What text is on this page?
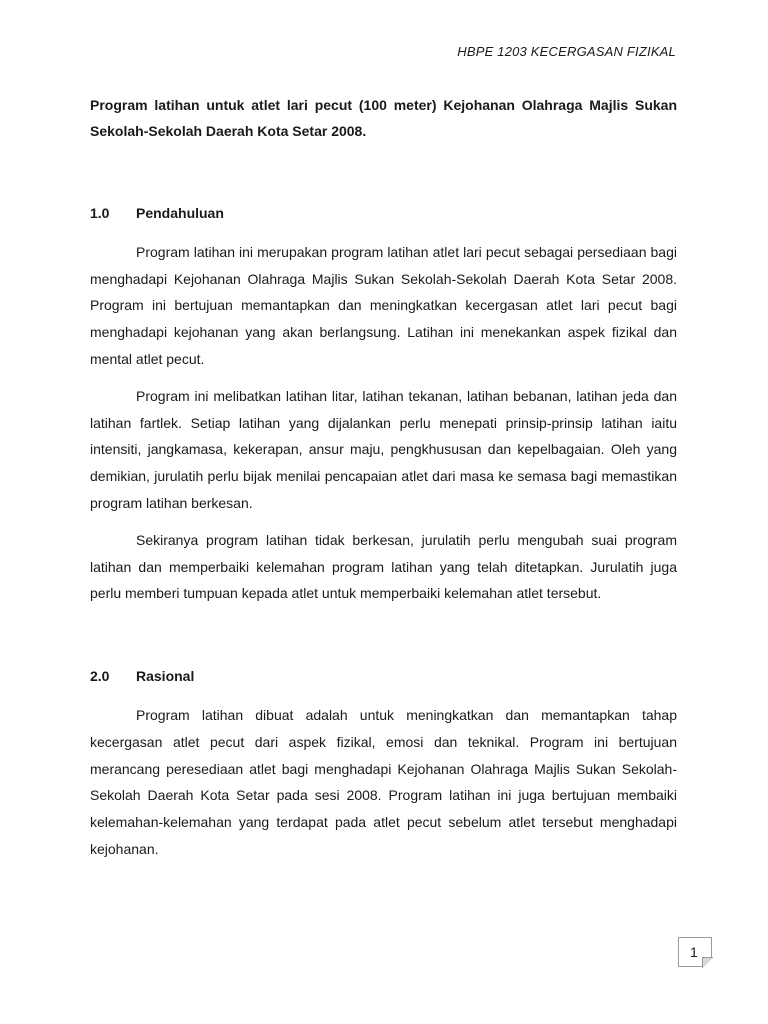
HBPE 1203 KECERGASAN FIZIKAL

Program latihan untuk atlet lari pecut (100 meter) Kejohanan Olahraga Majlis Sukan Sekolah-Sekolah Daerah Kota Setar 2008.

1.0	Pendahuluan

Program latihan ini merupakan program latihan atlet lari pecut sebagai persediaan bagi menghadapi Kejohanan Olahraga Majlis Sukan Sekolah-Sekolah Daerah Kota Setar 2008. Program ini bertujuan memantapkan dan meningkatkan kecergasan atlet lari pecut bagi menghadapi kejohanan yang akan berlangsung. Latihan ini menekankan aspek fizikal dan mental atlet pecut.

Program ini melibatkan latihan litar, latihan tekanan, latihan bebanan, latihan jeda dan latihan fartlek. Setiap latihan yang dijalankan perlu menepati prinsip-prinsip latihan iaitu intensiti, jangkamasa, kekerapan, ansur maju, pengkhususan dan kepelbagaian. Oleh yang demikian, jurulatih perlu bijak menilai pencapaian atlet dari masa ke semasa bagi memastikan program latihan berkesan.

Sekiranya program latihan tidak berkesan, jurulatih perlu mengubah suai program latihan dan memperbaiki kelemahan program latihan yang telah ditetapkan. Jurulatih juga perlu memberi tumpuan kepada atlet untuk memperbaiki kelemahan atlet tersebut.

2.0	Rasional

Program latihan dibuat adalah untuk meningkatkan dan memantapkan tahap kecergasan atlet pecut dari aspek fizikal, emosi dan teknikal. Program ini bertujuan merancang peresediaan atlet bagi menghadapi Kejohanan Olahraga Majlis Sukan Sekolah-Sekolah Daerah Kota Setar pada sesi 2008. Program latihan ini juga bertujuan membaiki kelemahan-kelemahan yang terdapat pada atlet pecut sebelum atlet tersebut menghadapi kejohanan.

1
